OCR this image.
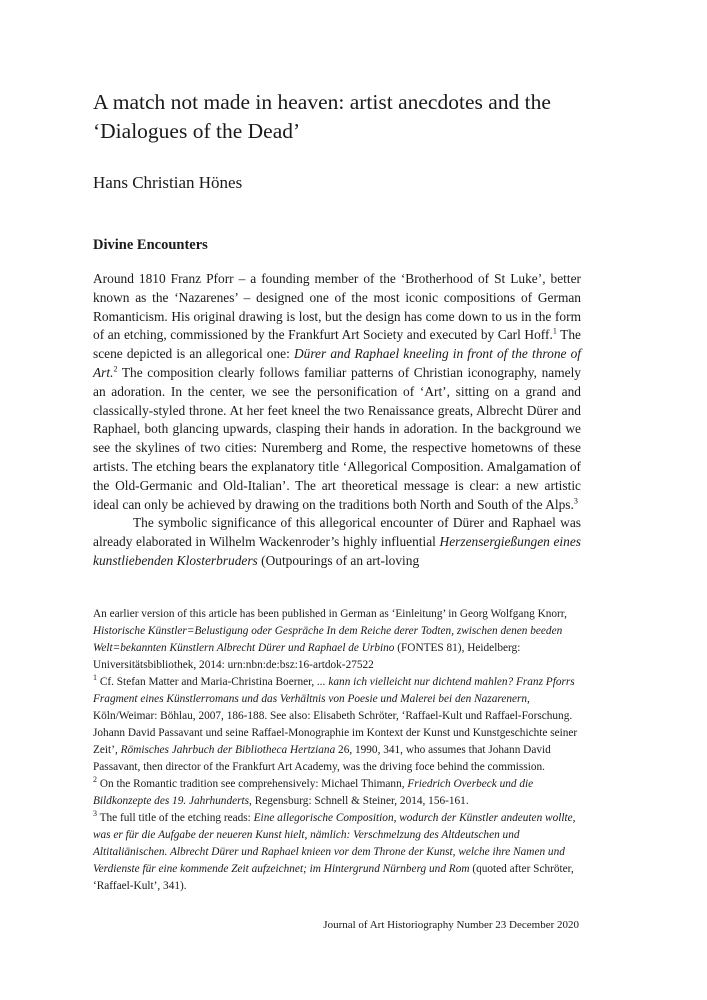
A match not made in heaven: artist anecdotes and the ‘Dialogues of the Dead’

Hans Christian Hönes

Divine Encounters

Around 1810 Franz Pforr – a founding member of the ‘Brotherhood of St Luke’, better known as the ‘Nazarenes’ – designed one of the most iconic compositions of German Romanticism. His original drawing is lost, but the design has come down to us in the form of an etching, commissioned by the Frankfurt Art Society and executed by Carl Hoff.$^1$ The scene depicted is an allegorical one: Dürer and Raphael kneeling in front of the throne of Art.$^2$ The composition clearly follows familiar patterns of Christian iconography, namely an adoration. In the center, we see the personification of ‘Art’, sitting on a grand and classically-styled throne. At her feet kneel the two Renaissance greats, Albrecht Dürer and Raphael, both glancing upwards, clasping their hands in adoration. In the background we see the skylines of two cities: Nuremberg and Rome, the respective hometowns of these artists. The etching bears the explanatory title ‘Allegorical Composition. Amalgamation of the Old-Germanic and Old-Italian’. The art theoretical message is clear: a new artistic ideal can only be achieved by drawing on the traditions both North and South of the Alps.$^3$

The symbolic significance of this allegorical encounter of Dürer and Raphael was already elaborated in Wilhelm Wackenroder’s highly influential Herzensergießungen eines kunstliebenden Klosterbruders (Outpourings of an art-loving

An earlier version of this article has been published in German as ‘Einleitung’ in Georg Wolfgang Knorr, Historische Künstler=Belustigung oder Gespräche In dem Reiche derer Todten, zwischen denen beeden Welt=bekannten Künstlern Albrecht Dürer und Raphael de Urbino (FONTES 81), Heidelberg: Universitätsbibliothek, 2014: urn:nbn:de:bsz:16-artdok-27522

$^1$ Cf. Stefan Matter and Maria-Christina Boerner, ... kann ich vielleicht nur dichtend mahlen? Franz Pforrs Fragment eines Künstlerromans und das Verhältnis von Poesie und Malerei bei den Nazarenern, Köln/Weimar: Böhlau, 2007, 186-188. See also: Elisabeth Schröter, ‘Raffael-Kult und Raffael-Forschung. Johann David Passavant und seine Raffael-Monographie im Kontext der Kunst und Kunstgeschichte seiner Zeit’, Römisches Jahrbuch der Bibliotheca Hertziana 26, 1990, 341, who assumes that Johann David Passavant, then director of the Frankfurt Art Academy, was the driving foce behind the commission.

$^2$ On the Romantic tradition see comprehensively: Michael Thimann, Friedrich Overbeck und die Bildkonzepte des 19. Jahrhunderts, Regensburg: Schnell & Steiner, 2014, 156-161.

$^3$ The full title of the etching reads: Eine allegorische Composition, wodurch der Künstler andeuten wollte, was er für die Aufgabe der neueren Kunst hielt, nämlich: Verschmelzung des Altdeutschen und Altitaliänischen. Albrecht Dürer und Raphael knieen vor dem Throne der Kunst, welche ihre Namen und Verdienste für eine kommende Zeit aufzeichnet; im Hintergrund Nürnberg und Rom (quoted after Schröter, ‘Raffael-Kult’, 341).

Journal of Art Historiography Number 23 December 2020
